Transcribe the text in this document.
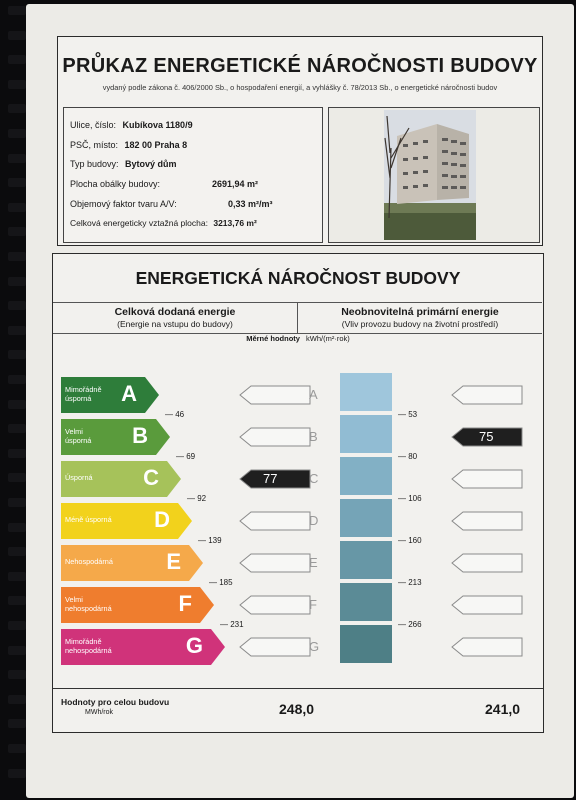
PRŮKAZ ENERGETICKÉ NÁROČNOSTI BUDOVY
vydaný podle zákona č. 406/2000 Sb., o hospodaření energií, a vyhlášky č. 78/2013 Sb., o energetické náročnosti budov
Ulice, číslo: Kubíkova 1180/9
PSČ, místo: 182 00 Praha 8
Typ budovy: Bytový dům
Plocha obálky budovy:	2691,94 m²
Objemový faktor tvaru A/V:	0,33 m²/m³
Celková energeticky vztažná plocha: 3213,76 m²
ENERGETICKÁ NÁROČNOST BUDOVY
Celková dodaná energie
(Energie na vstupu do budovy)
Neobnovitelná primární energie
(Vliv provozu budovy na životní prostředí)
Měrné hodnoty kWh/(m²·rok)
Mimořádně
úsporná	A	A
Velmi
úsporná B	B	75
Úsporná C	77 C
Méně úsporná D	D
Nehospodárná E	E
Velmi
nehospodárná	F	F
Mimořádně
nehospodárná	G	G
— 46
— 69
— 92
— 139
— 185
— 231
— 53
— 80
— 106
— 160
— 213
— 266
Hodnoty pro celou budovu
MWh/rok	248,0	241,0
